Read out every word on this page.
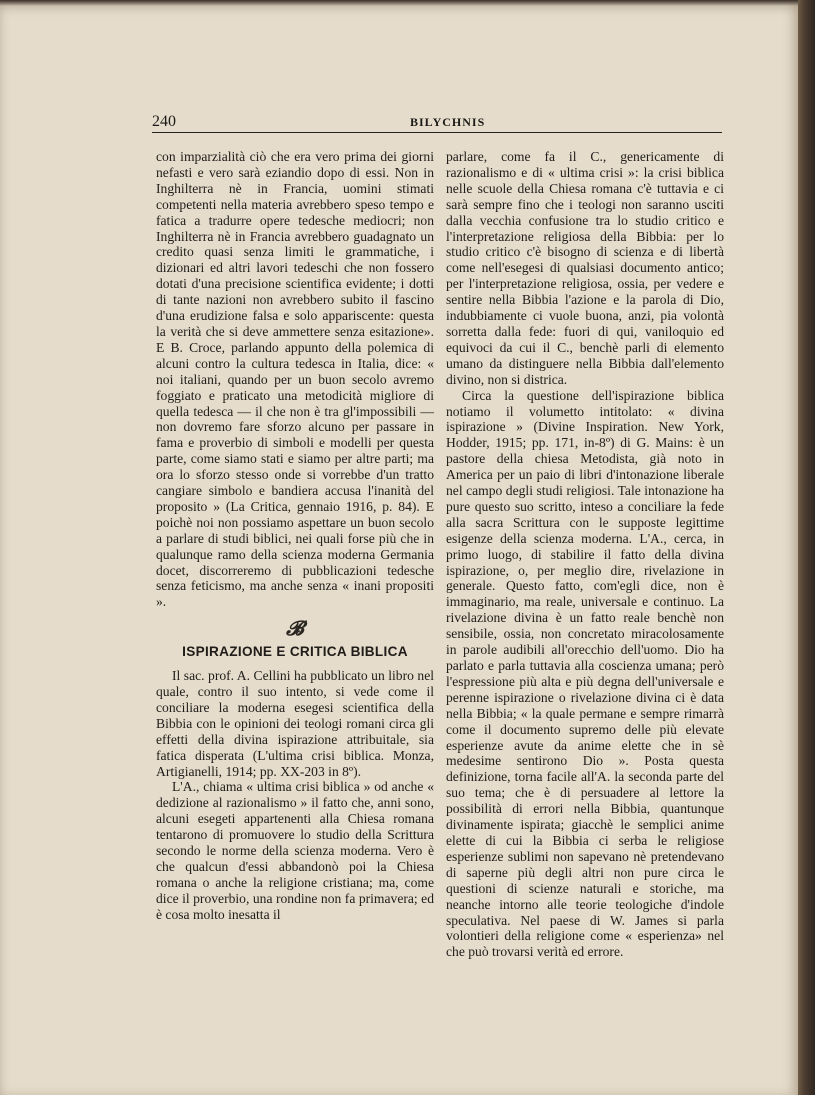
240	BILYCHNIS

con imparzialità ciò che era vero prima dei giorni nefasti e vero sarà eziandio dopo di essi. Non in Inghilterra nè in Francia, uomini stimati competenti nella materia avrebbero speso tempo e fatica a tradurre opere tedesche mediocri; non Inghilterra nè in Francia avrebbero guadagnato un credito quasi senza limiti le grammatiche, i dizionari ed altri lavori tedeschi che non fossero dotati d'una precisione scientifica evidente; i dotti di tante nazioni non avrebbero subito il fascino d'una erudizione falsa e solo appariscente: questa la verità che si deve ammettere senza esitazione». E B. Croce, parlando appunto della polemica di alcuni contro la cultura tedesca in Italia, dice: « noi italiani, quando per un buon secolo avremo foggiato e praticato una metodicità migliore di quella tedesca — il che non è tra gl'impossibili — non dovremo fare sforzo alcuno per passare in fama e proverbio di simboli e modelli per questa parte, come siamo stati e siamo per altre parti; ma ora lo sforzo stesso onde si vorrebbe d'un tratto cangiare simbolo e bandiera accusa l'inanità del proposito » (La Critica, gennaio 1916, p. 84). E poichè noi non possiamo aspettare un buon secolo a parlare di studi biblici, nei quali forse più che in qualunque ramo della scienza moderna Germania docet, discorreremo di pubblicazioni tedesche senza feticismo, ma anche senza « inani propositi ».

𝓑
ISPIRAZIONE E CRITICA BIBLICA

Il sac. prof. A. Cellini ha pubblicato un libro nel quale, contro il suo intento, si vede come il conciliare la moderna esegesi scientifica della Bibbia con le opinioni dei teologi romani circa gli effetti della divina ispirazione attribuitale, sia fatica disperata (L'ultima crisi biblica. Monza, Artigianelli, 1914; pp. XX-203 in 8º).

L'A., chiama « ultima crisi biblica » od anche « dedizione al razionalismo » il fatto che, anni sono, alcuni esegeti appartenenti alla Chiesa romana tentarono di promuovere lo studio della Scrittura secondo le norme della scienza moderna. Vero è che qualcun d'essi abbandonò poi la Chiesa romana o anche la religione cristiana; ma, come dice il proverbio, una rondine non fa primavera; ed è cosa molto inesatta il

parlare, come fa il C., genericamente di razionalismo e di « ultima crisi »: la crisi biblica nelle scuole della Chiesa romana c'è tuttavia e ci sarà sempre fino che i teologi non saranno usciti dalla vecchia confusione tra lo studio critico e l'interpretazione religiosa della Bibbia: per lo studio critico c'è bisogno di scienza e di libertà come nell'esegesi di qualsiasi documento antico; per l'interpretazione religiosa, ossia, per vedere e sentire nella Bibbia l'azione e la parola di Dio, indubbiamente ci vuole buona, anzi, pia volontà sorretta dalla fede: fuori di qui, vaniloquio ed equivoci da cui il C., benchè parli di elemento umano da distinguere nella Bibbia dall'elemento divino, non si districa.

Circa la questione dell'ispirazione biblica notiamo il volumetto intitolato: « divina ispirazione » (Divine Inspiration. New York, Hodder, 1915; pp. 171, in-8º) di G. Mains: è un pastore della chiesa Metodista, già noto in America per un paio di libri d'intonazione liberale nel campo degli studi religiosi. Tale intonazione ha pure questo suo scritto, inteso a conciliare la fede alla sacra Scrittura con le supposte legittime esigenze della scienza moderna. L'A., cerca, in primo luogo, di stabilire il fatto della divina ispirazione, o, per meglio dire, rivelazione in generale. Questo fatto, com'egli dice, non è immaginario, ma reale, universale e continuo. La rivelazione divina è un fatto reale benchè non sensibile, ossia, non concretato miracolosamente in parole audibili all'orecchio dell'uomo. Dio ha parlato e parla tuttavia alla coscienza umana; però l'espressione più alta e più degna dell'universale e perenne ispirazione o rivelazione divina ci è data nella Bibbia; « la quale permane e sempre rimarrà come il documento supremo delle più elevate esperienze avute da anime elette che in sè medesime sentirono Dio ». Posta questa definizione, torna facile all'A. la seconda parte del suo tema; che è di persuadere al lettore la possibilità di errori nella Bibbia, quantunque divinamente ispirata; giacchè le semplici anime elette di cui la Bibbia ci serba le religiose esperienze sublimi non sapevano nè pretendevano di saperne più degli altri non pure circa le questioni di scienze naturali e storiche, ma neanche intorno alle teorie teologiche d'indole speculativa. Nel paese di W. James si parla volontieri della religione come « esperienza» nel che può trovarsi verità ed errore.
